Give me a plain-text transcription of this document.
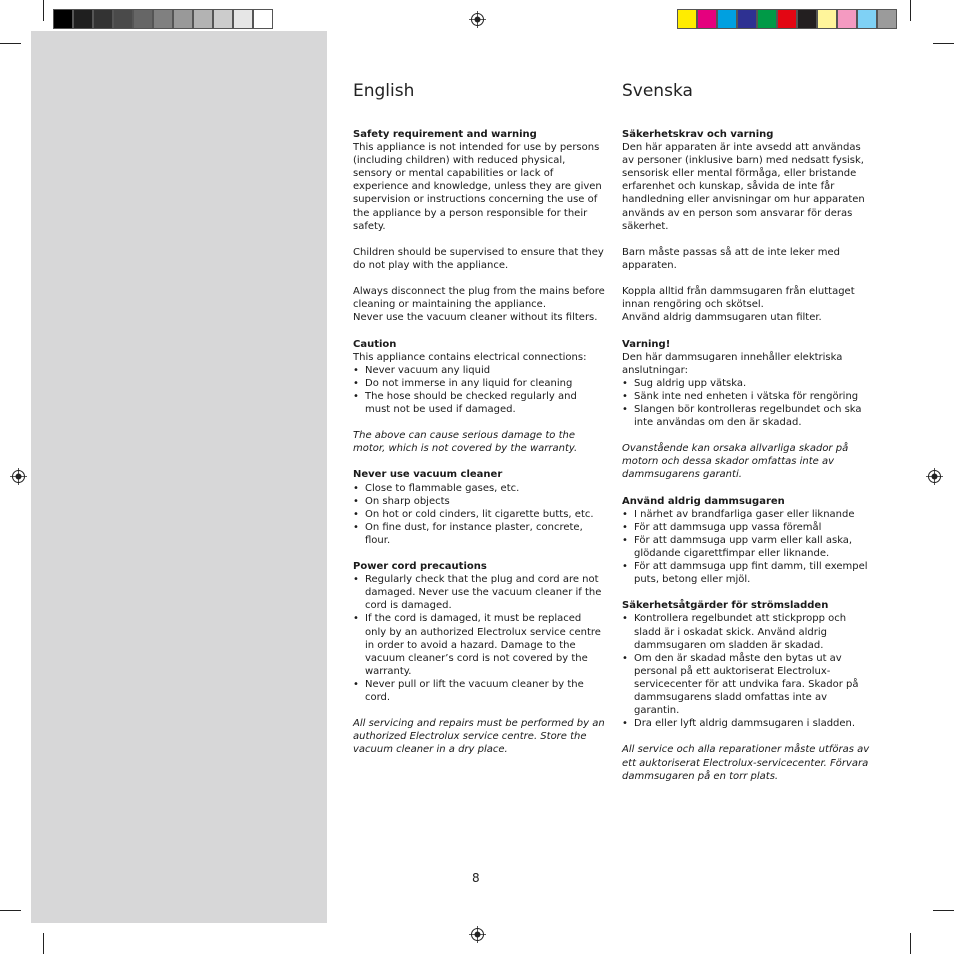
English
Safety requirement and warning

This appliance is not intended for use by persons (including children) with reduced physical, sensory or mental capabilities or lack of experience and knowledge, unless they are given supervision or instructions concerning the use of the appliance by a person responsible for their safety.

Children should be supervised to ensure that they do not play with the appliance.

Always disconnect the plug from the mains before cleaning or maintaining the appliance.

Never use the vacuum cleaner without its filters.

Caution

This appliance contains electrical connections:

• Never vacuum any liquid
• Do not immerse in any liquid for cleaning
• The hose should be checked regularly and must not be used if damaged.

The above can cause serious damage to the motor, which is not covered by the warranty.

Never use vacuum cleaner
• Close to flammable gases, etc.
• On sharp objects
• On hot or cold cinders, lit cigarette butts, etc.
• On fine dust, for instance plaster, concrete, flour.
Power cord precautions
• Regularly check that the plug and cord are not damaged. Never use the vacuum cleaner if the cord is damaged.
• If the cord is damaged, it must be replaced only by an authorized Electrolux service centre in order to avoid a hazard. Damage to the vacuum cleaner’s cord is not covered by the warranty.
• Never pull or lift the vacuum cleaner by the cord.

All servicing and repairs must be performed by an authorized Electrolux service centre. Store the vacuum cleaner in a dry place.

Svenska
Säkerhetskrav och varning

Den här apparaten är inte avsedd att användas av personer (inklusive barn) med nedsatt fysisk, sensorisk eller mental förmåga, eller bristande erfarenhet och kunskap, såvida de inte får handledning eller anvisningar om hur apparaten används av en person som ansvarar för deras säkerhet.

Barn måste passas så att de inte leker med apparaten.

Koppla alltid från dammsugaren från eluttaget innan rengöring och skötsel.

Använd aldrig dammsugaren utan filter.

Varning!

Den här dammsugaren innehåller elektriska anslutningar:

• Sug aldrig upp vätska.
• Sänk inte ned enheten i vätska för rengöring
• Slangen bör kontrolleras regelbundet och ska inte användas om den är skadad.

Ovanstående kan orsaka allvarliga skador på motorn och dessa skador omfattas inte av dammsugarens garanti.

Använd aldrig dammsugaren
• I närhet av brandfarliga gaser eller liknande
• För att dammsuga upp vassa föremål
• För att dammsuga upp varm eller kall aska, glödande cigarettfimpar eller liknande.
• För att dammsuga upp fint damm, till exempel puts, betong eller mjöl.
Säkerhetsåtgärder för strömsladden
• Kontrollera regelbundet att stickpropp och sladd är i oskadat skick. Använd aldrig dammsugaren om sladden är skadad.
• Om den är skadad måste den bytas ut av personal på ett auktoriserat Electrolux-servicecenter för att undvika fara. Skador på dammsugarens sladd omfattas inte av garantin.
• Dra eller lyft aldrig dammsugaren i sladden.

All service och alla reparationer måste utföras av ett auktoriserat Electrolux-servicecenter. Förvara dammsugaren på en torr plats.

8
